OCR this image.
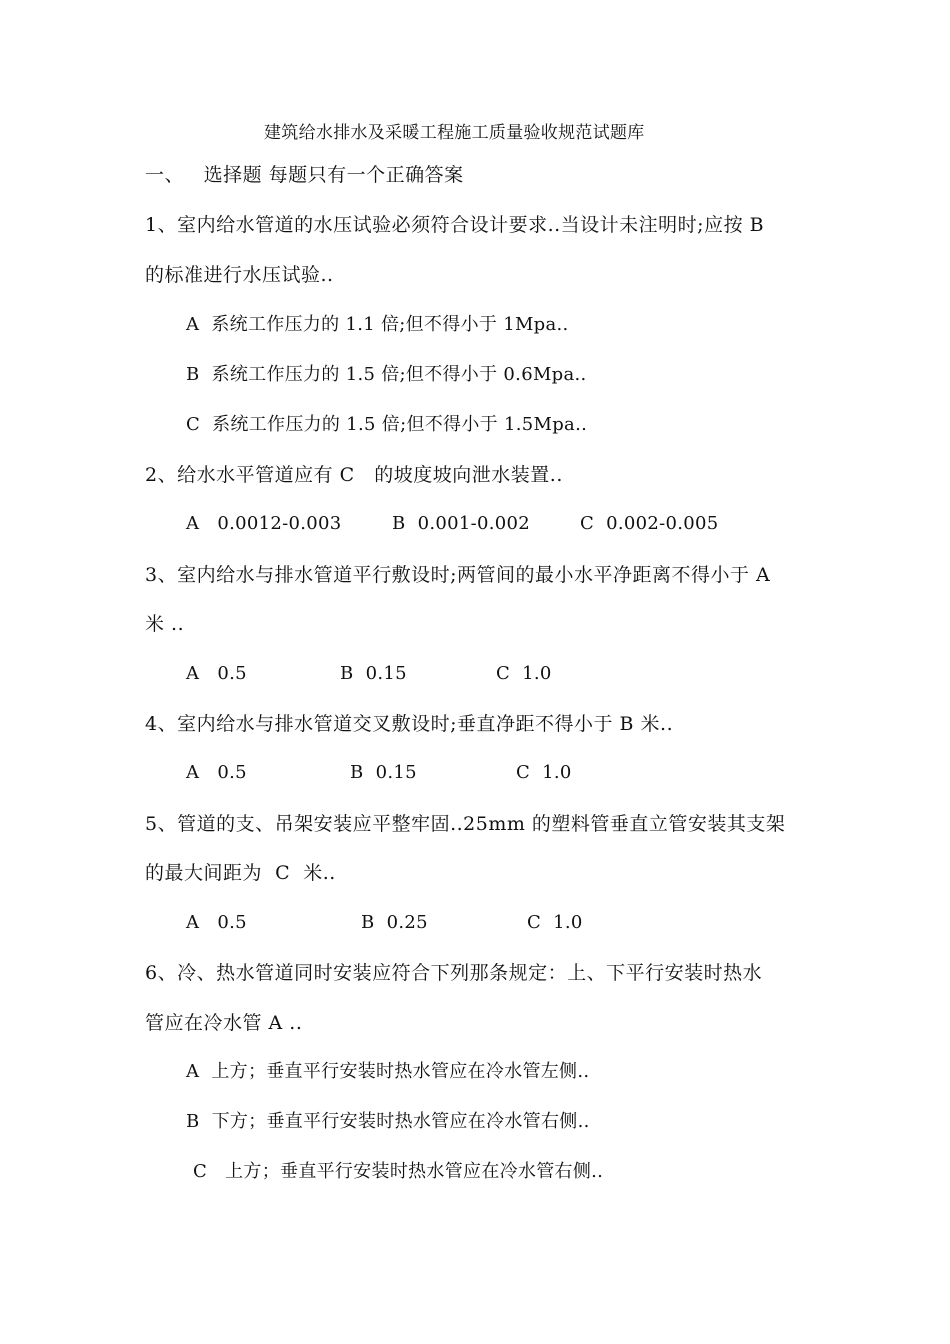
建筑给水排水及采暖工程施工质量验收规范试题库
一、   选择题 每题只有一个正确答案
1、室内给水管道的水压试验必须符合设计要求..当设计未注明时;应按 B
的标准进行水压试验..
A  系统工作压力的 1.1 倍;但不得小于 1Mpa..
B  系统工作压力的 1.5 倍;但不得小于 0.6Mpa..
C  系统工作压力的 1.5 倍;但不得小于 1.5Mpa..
2、给水水平管道应有 C   的坡度坡向泄水装置..
A   0.0012-0.003	B  0.001-0.002	C  0.002-0.005
3、室内给水与排水管道平行敷设时;两管间的最小水平净距离不得小于 A
米 ..
A   0.5	B  0.15	C  1.0
4、室内给水与排水管道交叉敷设时;垂直净距不得小于 B 米..
A   0.5	B  0.15	C  1.0
5、管道的支、吊架安装应平整牢固..25mm 的塑料管垂直立管安装其支架
的最大间距为  C  米..
A   0.5	B  0.25	C  1.0
6、冷、热水管道同时安装应符合下列那条规定：上、下平行安装时热水
管应在冷水管 A ..
A  上方；垂直平行安装时热水管应在冷水管左侧..
B  下方；垂直平行安装时热水管应在冷水管右侧..
C   上方；垂直平行安装时热水管应在冷水管右侧..
